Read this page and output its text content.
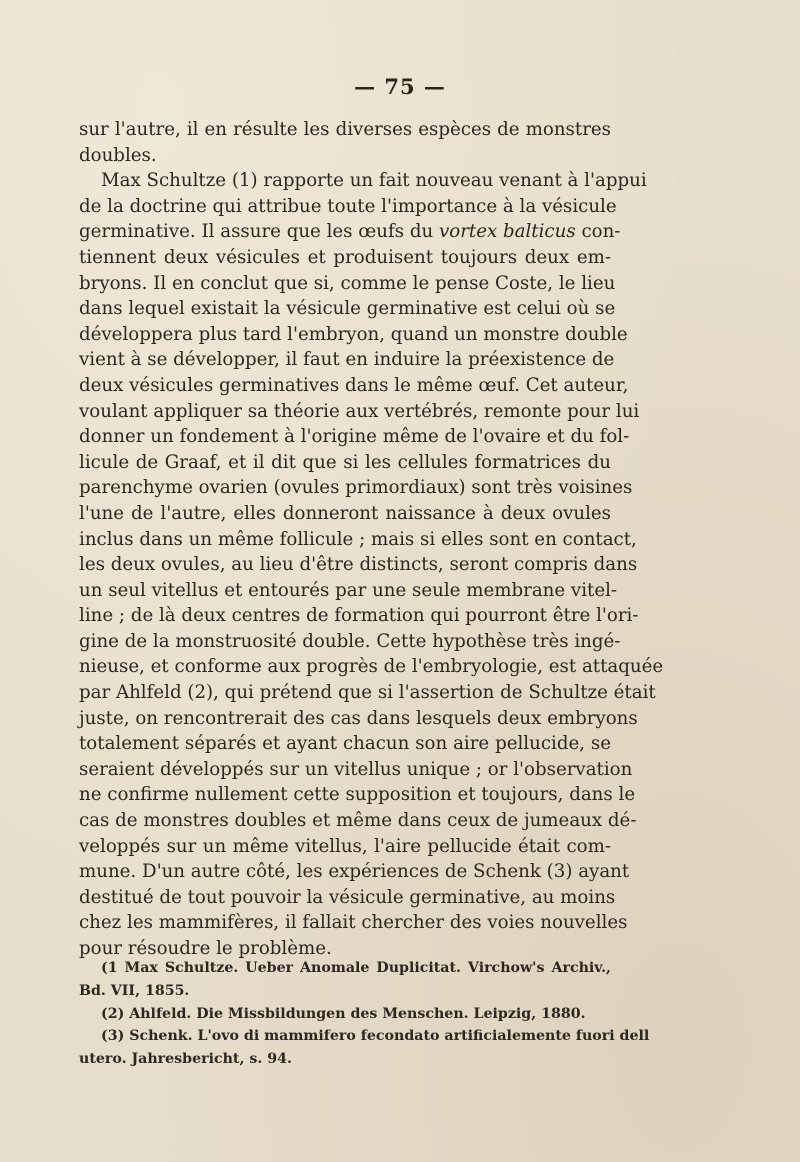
— 75 —
sur l'autre, il en résulte les diverses espèces de monstres
doubles.
Max Schultze (1) rapporte un fait nouveau venant à l'appui
de la doctrine qui attribue toute l'importance à la vésicule
germinative. Il assure que les œufs du vortex balticus con-
tiennent deux vésicules et produisent toujours deux em-
bryons. Il en conclut que si, comme le pense Coste, le lieu
dans lequel existait la vésicule germinative est celui où se
développera plus tard l'embryon, quand un monstre double
vient à se développer, il faut en induire la préexistence de
deux vésicules germinatives dans le même œuf. Cet auteur,
voulant appliquer sa théorie aux vertébrés, remonte pour lui
donner un fondement à l'origine même de l'ovaire et du fol-
licule de Graaf, et il dit que si les cellules formatrices du
parenchyme ovarien (ovules primordiaux) sont très voisines
l'une de l'autre, elles donneront naissance à deux ovules
inclus dans un même follicule ; mais si elles sont en contact,
les deux ovules, au lieu d'être distincts, seront compris dans
un seul vitellus et entourés par une seule membrane vitel-
line ; de là deux centres de formation qui pourront être l'ori-
gine de la monstruosité double. Cette hypothèse très ingé-
nieuse, et conforme aux progrès de l'embryologie, est attaquée
par Ahlfeld (2), qui prétend que si l'assertion de Schultze était
juste, on rencontrerait des cas dans lesquels deux embryons
totalement séparés et ayant chacun son aire pellucide, se
seraient développés sur un vitellus unique ; or l'observation
ne confirme nullement cette supposition et toujours, dans le
cas de monstres doubles et même dans ceux de jumeaux dé-
veloppés sur un même vitellus, l'aire pellucide était com-
mune. D'un autre côté, les expériences de Schenk (3) ayant
destitué de tout pouvoir la vésicule germinative, au moins
chez les mammifères, il fallait chercher des voies nouvelles
pour résoudre le problème.
(1 Max Schultze. Ueber Anomale Duplicitat. Virchow's Archiv.,
Bd. VII, 1855.
(2) Ahlfeld. Die Missbildungen des Menschen. Leipzig, 1880.
(3) Schenk. L'ovo di mammifero fecondato artificialemente fuori dell
utero. Jahresbericht, s. 94.
